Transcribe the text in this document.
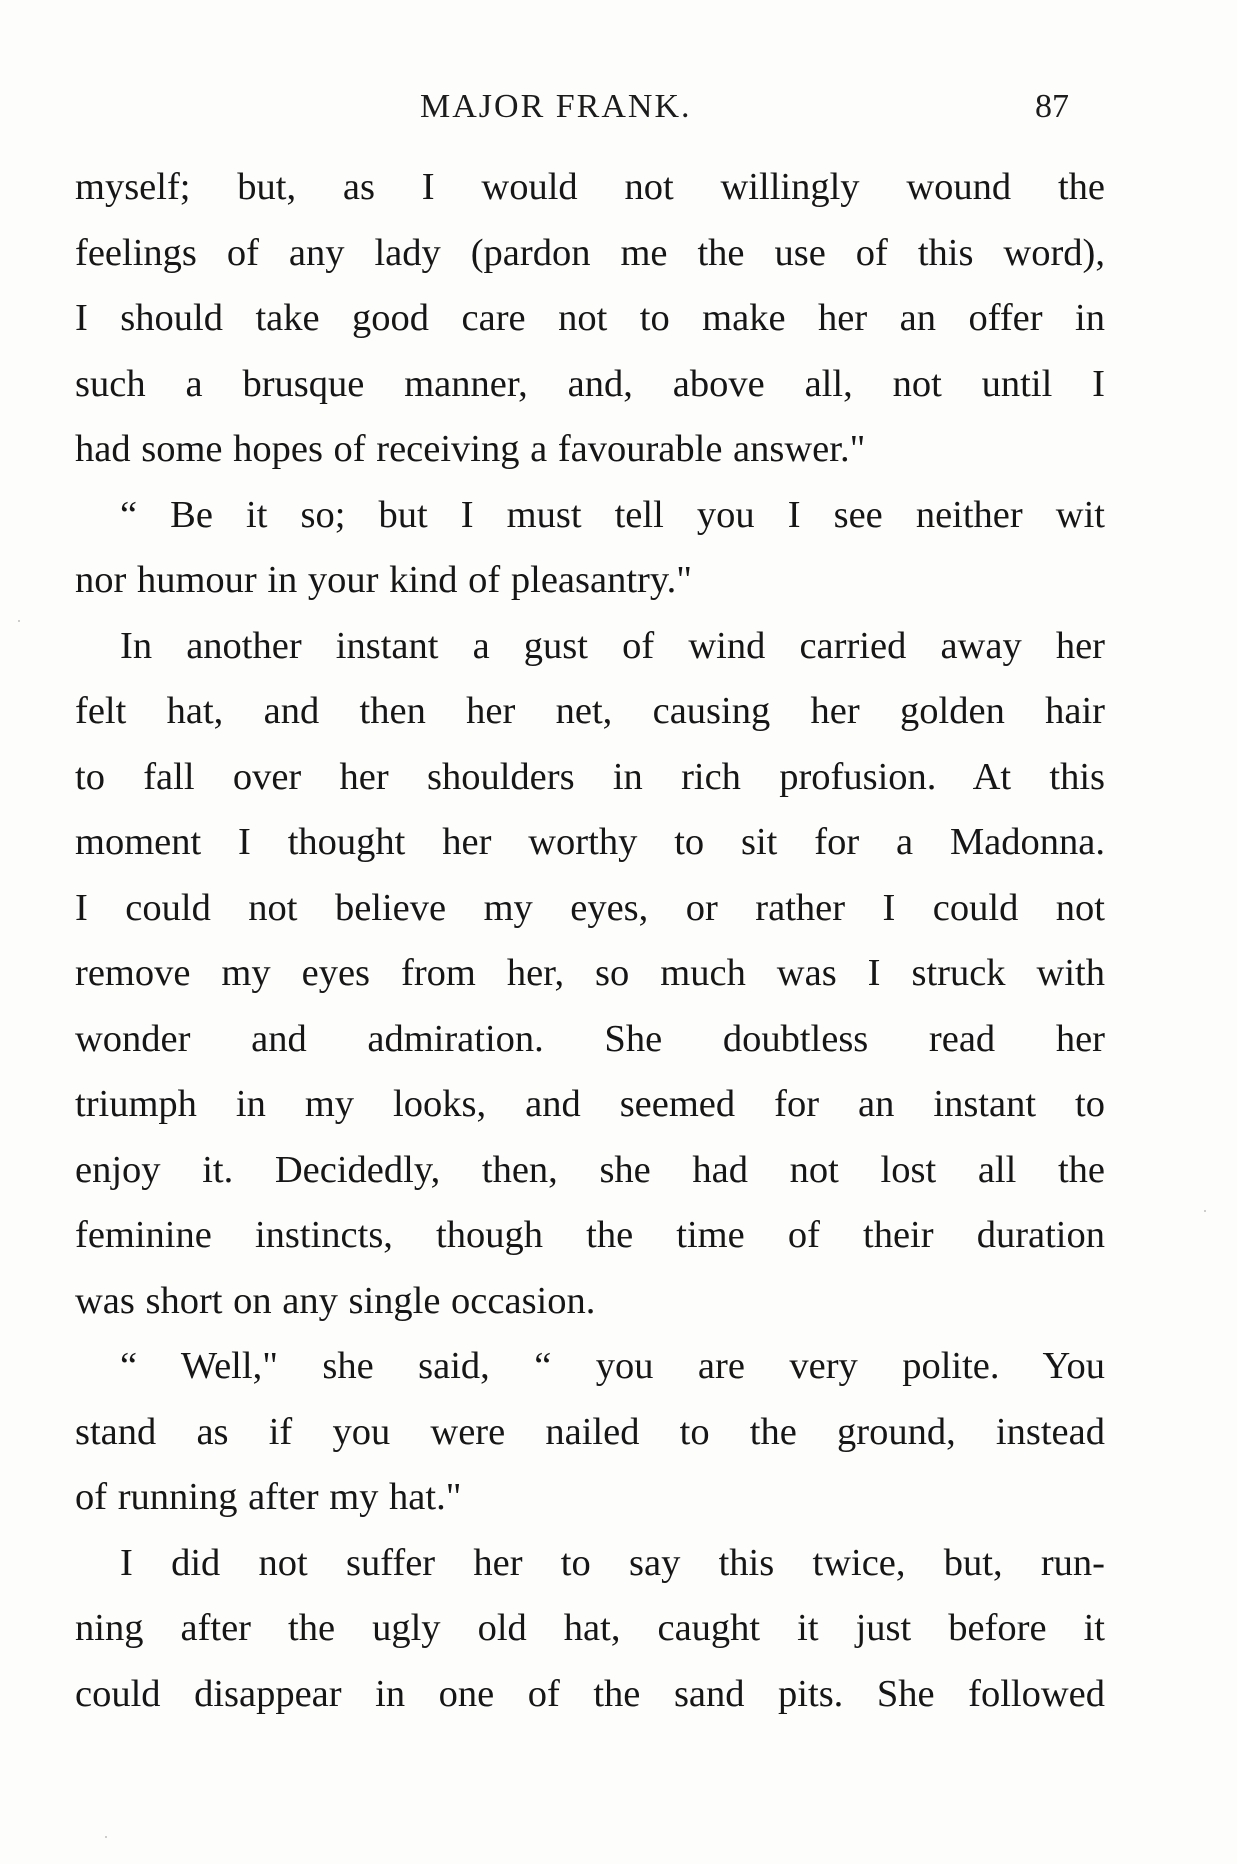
MAJOR FRANK.	87
myself; but, as I would not willingly wound the
feelings of any lady (pardon me the use of this word),
I should take good care not to make her an offer in
such a brusque manner, and, above all, not until I
had some hopes of receiving a favourable answer."
“ Be it so; but I must tell you I see neither wit
nor humour in your kind of pleasantry."
In another instant a gust of wind carried away her
felt hat, and then her net, causing her golden hair
to fall over her shoulders in rich profusion. At this
moment I thought her worthy to sit for a Madonna.
I could not believe my eyes, or rather I could not
remove my eyes from her, so much was I struck with
wonder and admiration. She doubtless read her
triumph in my looks, and seemed for an instant to
enjoy it. Decidedly, then, she had not lost all the
feminine instincts, though the time of their duration
was short on any single occasion.
“ Well," she said, “ you are very polite. You
stand as if you were nailed to the ground, instead
of running after my hat."
I did not suffer her to say this twice, but, run-
ning after the ugly old hat, caught it just before it
could disappear in one of the sand pits. She followed
